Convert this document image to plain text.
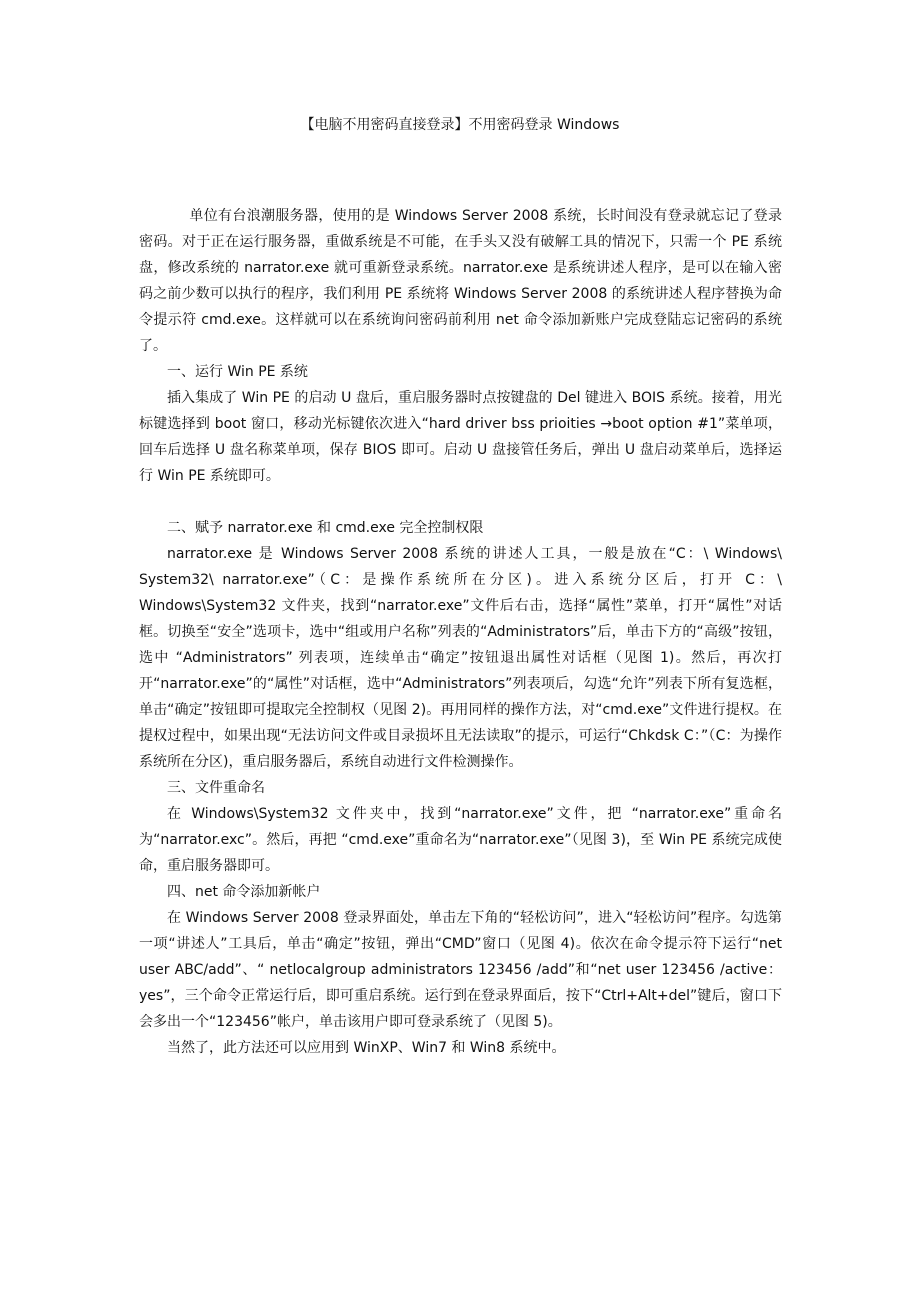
【电脑不用密码直接登录】不用密码登录 Windows

单位有台浪潮服务器，使用的是 Windows Server 2008 系统，长时间没有登录就忘记了登录密码。对于正在运行服务器，重做系统是不可能，在手头又没有破解工具的情况下，只需一个 PE 系统盘，修改系统的 narrator.exe 就可重新登录系统。narrator.exe 是系统讲述人程序，是可以在输入密码之前少数可以执行的程序，我们利用 PE 系统将 Windows Server 2008 的系统讲述人程序替换为命令提示符 cmd.exe。这样就可以在系统询问密码前利用 net 命令添加新账户完成登陆忘记密码的系统了。

一、运行 Win PE 系统

插入集成了 Win PE 的启动 U 盘后，重启服务器时点按键盘的 Del 键进入 BOIS 系统。接着，用光标键选择到 boot 窗口，移动光标键依次进入“hard driver bss prioities →boot option #1”菜单项，回车后选择 U 盘名称菜单项，保存 BIOS 即可。启动 U 盘接管任务后，弹出 U 盘启动菜单后，选择运行 Win PE 系统即可。

二、赋予 narrator.exe 和 cmd.exe 完全控制权限

narrator.exe 是 Windows Server 2008 系统的讲述人工具，一般是放在“C：\ Windows\ System32\ narrator.exe”（C：是操作系统所在分区)。进入系统分区后，打开 C：\ Windows\System32 文件夹，找到“narrator.exe”文件后右击，选择“属性”菜单，打开“属性”对话框。切换至“安全”选项卡，选中“组或用户名称”列表的“Administrators”后，单击下方的“高级”按钮，选中 “Administrators” 列表项，连续单击“确定”按钮退出属性对话框（见图 1)。然后，再次打开“narrator.exe”的“属性”对话框，选中“Administrators”列表项后，勾选“允许”列表下所有复选框，单击“确定”按钮即可提取完全控制权（见图 2)。再用同样的操作方法，对“cmd.exe”文件进行提权。在提权过程中，如果出现“无法访问文件或目录损坏且无法读取”的提示，可运行“Chkdsk C：”（C：为操作系统所在分区)，重启服务器后，系统自动进行文件检测操作。

三、文件重命名

在 Windows\System32 文件夹中，找到“narrator.exe”文件，把 “narrator.exe”重命名为“narrator.exc”。然后，再把 “cmd.exe”重命名为“narrator.exe”（见图 3)，至 Win PE 系统完成使命，重启服务器即可。

四、net 命令添加新帐户

在 Windows Server 2008 登录界面处，单击左下角的“轻松访问”，进入“轻松访问”程序。勾选第一项“讲述人”工具后，单击“确定”按钮，弹出“CMD”窗口（见图 4)。依次在命令提示符下运行“net user ABC/add”、“ netlocalgroup administrators 123456 /add”和“net user 123456 /active： yes”，三个命令正常运行后，即可重启系统。运行到在登录界面后，按下“Ctrl+Alt+del”键后，窗口下会多出一个“123456”帐户，单击该用户即可登录系统了（见图 5)。

当然了，此方法还可以应用到 WinXP、Win7 和 Win8 系统中。
